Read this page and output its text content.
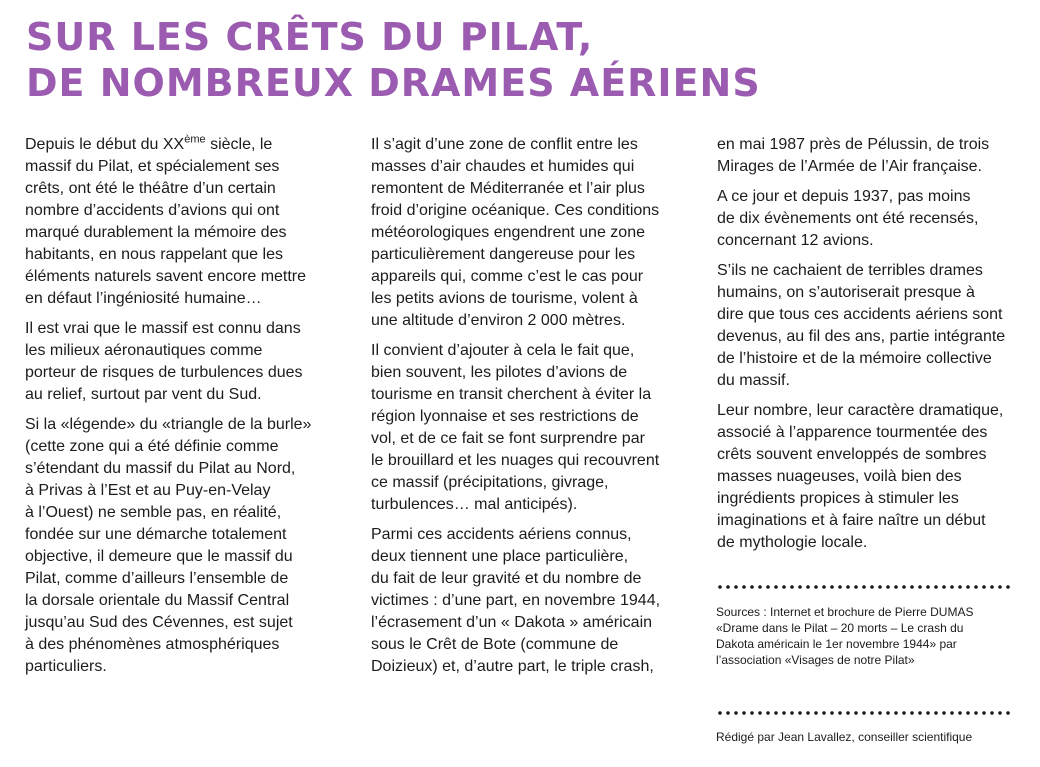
SUR LES CRÊTS DU PILAT,
DE NOMBREUX DRAMES AÉRIENS

Depuis le début du XXème siècle, le
massif du Pilat, et spécialement ses
crêts, ont été le théâtre d’un certain
nombre d’accidents d’avions qui ont
marqué durablement la mémoire des
habitants, en nous rappelant que les
éléments naturels savent encore mettre
en défaut l’ingéniosité humaine…

Il est vrai que le massif est connu dans
les milieux aéronautiques comme
porteur de risques de turbulences dues
au relief, surtout par vent du Sud.

Si la «légende» du «triangle de la burle»
(cette zone qui a été définie comme
s’étendant du massif du Pilat au Nord,
à Privas à l’Est et au Puy-en-Velay
à l’Ouest) ne semble pas, en réalité,
fondée sur une démarche totalement
objective, il demeure que le massif du
Pilat, comme d’ailleurs l’ensemble de
la dorsale orientale du Massif Central
jusqu’au Sud des Cévennes, est sujet
à des phénomènes atmosphériques
particuliers.

Il s’agit d’une zone de conflit entre les
masses d’air chaudes et humides qui
remontent de Méditerranée et l’air plus
froid d’origine océanique. Ces conditions
météorologiques engendrent une zone
particulièrement dangereuse pour les
appareils qui, comme c’est le cas pour
les petits avions de tourisme, volent à
une altitude d’environ 2 000 mètres.

Il convient d’ajouter à cela le fait que,
bien souvent, les pilotes d’avions de
tourisme en transit cherchent à éviter la
région lyonnaise et ses restrictions de
vol, et de ce fait se font surprendre par
le brouillard et les nuages qui recouvrent
ce massif (précipitations, givrage,
turbulences… mal anticipés).

Parmi ces accidents aériens connus,
deux tiennent une place particulière,
du fait de leur gravité et du nombre de
victimes : d’une part, en novembre 1944,
l’écrasement d’un « Dakota » américain
sous le Crêt de Bote (commune de
Doizieux) et, d’autre part, le triple crash,

en mai 1987 près de Pélussin, de trois
Mirages de l’Armée de l’Air française.

A ce jour et depuis 1937, pas moins
de dix évènements ont été recensés,
concernant 12 avions.

S’ils ne cachaient de terribles drames
humains, on s’autoriserait presque à
dire que tous ces accidents aériens sont
devenus, au fil des ans, partie intégrante
de l’histoire et de la mémoire collective
du massif.

Leur nombre, leur caractère dramatique,
associé à l’apparence tourmentée des
crêts souvent enveloppés de sombres
masses nuageuses, voilà bien des
ingrédients propices à stimuler les
imaginations et à faire naître un début
de mythologie locale.

Sources : Internet et brochure de Pierre DUMAS
«Drame dans le Pilat – 20 morts – Le crash du
Dakota américain le 1er novembre 1944» par
l’association «Visages de notre Pilat»

Rédigé par Jean Lavallez, conseiller scientifique
